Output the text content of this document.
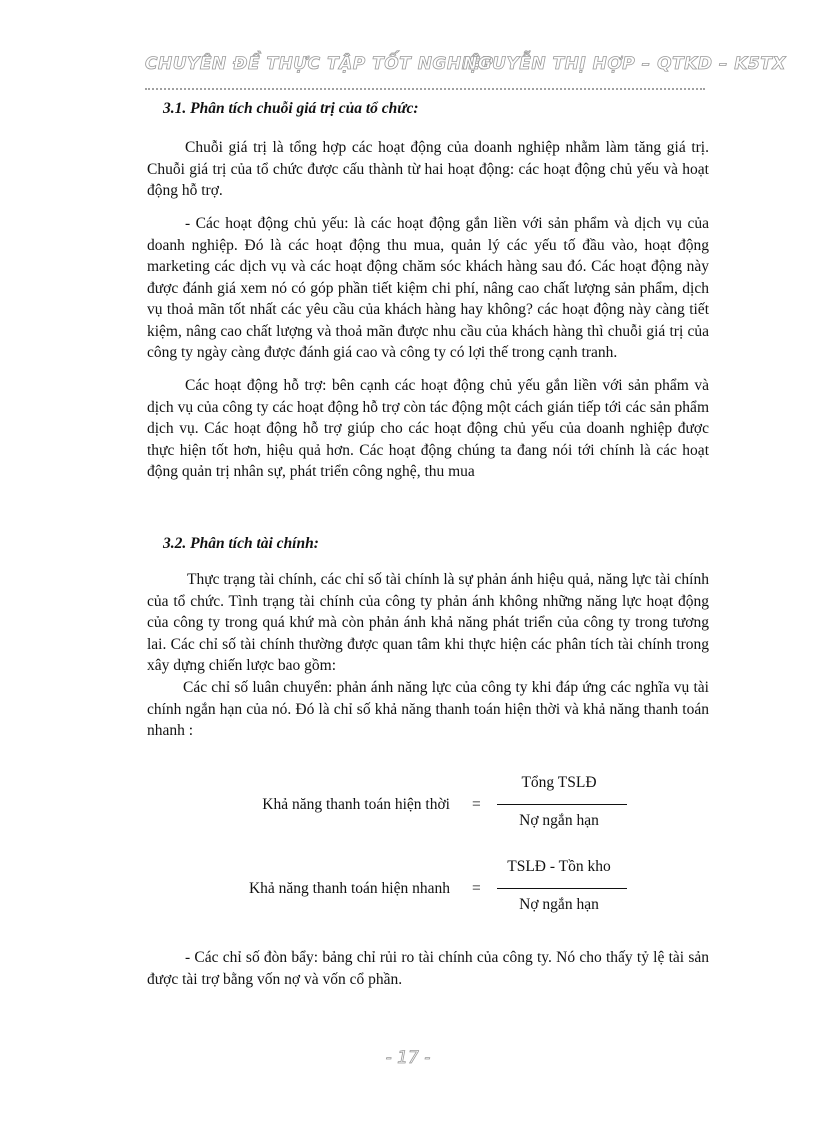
CHUYÊN ĐỀ THỰC TẬP TỐT NGHIỆP
NGUYỄN THỊ HỢP – QTKD – K5TX
3.1. Phân tích chuỗi giá trị của tổ chức:

Chuỗi giá trị là tổng hợp các hoạt động của doanh nghiệp nhằm làm tăng giá trị. Chuỗi giá trị của tổ chức được cấu thành từ hai hoạt động: các hoạt động chủ yếu và hoạt động hỗ trợ.

- Các hoạt động chủ yếu: là các hoạt động gắn liền với sản phẩm và dịch vụ của doanh nghiệp. Đó là các hoạt động thu mua, quản lý các yếu tố đầu vào, hoạt động marketing các dịch vụ và các hoạt động chăm sóc khách hàng sau đó. Các hoạt động này được đánh giá xem nó có góp phần tiết kiệm chi phí, nâng cao chất lượng sản phẩm, dịch vụ thoả mãn tốt nhất các yêu cầu của khách hàng hay không? các hoạt động này càng tiết kiệm, nâng cao chất lượng và thoả mãn được nhu cầu của khách hàng thì chuỗi giá trị của công ty ngày càng được đánh giá cao và công ty có lợi thế trong cạnh tranh.

Các hoạt động hỗ trợ: bên cạnh các hoạt động chủ yếu gắn liền với sản phẩm và dịch vụ của công ty các hoạt động hỗ trợ còn tác động một cách gián tiếp tới các sản phẩm dịch vụ. Các hoạt động hỗ trợ giúp cho các hoạt động chủ yếu của doanh nghiệp được thực hiện tốt hơn, hiệu quả hơn. Các hoạt động chúng ta đang nói tới chính là các hoạt động quản trị nhân sự, phát triển công nghệ, thu mua

3.2. Phân tích tài chính:

Thực trạng tài chính, các chỉ số tài chính là sự phản ánh hiệu quả, năng lực tài chính của tổ chức. Tình trạng tài chính của công ty phản ánh không những năng lực hoạt động của công ty trong quá khứ mà còn phản ánh khả năng phát triển của công ty trong tương lai. Các chỉ số tài chính thường được quan tâm khi thực hiện các phân tích tài chính trong xây dựng chiến lược bao gồm:

Các chỉ số luân chuyển: phản ánh năng lực của công ty khi đáp ứng các nghĩa vụ tài chính ngắn hạn của nó. Đó là chỉ số khả năng thanh toán hiện thời và khả năng thanh toán nhanh :

Khả năng thanh toán hiện thời =
Tổng TSLĐ
Nợ ngắn hạn
Khả năng thanh toán hiện nhanh =
TSLĐ - Tồn kho
Nợ ngắn hạn

- Các chỉ số đòn bẩy: bảng chỉ rủi ro tài chính của công ty. Nó cho thấy tỷ lệ tài sản được tài trợ bằng vốn nợ và vốn cổ phần.

- 17 -
